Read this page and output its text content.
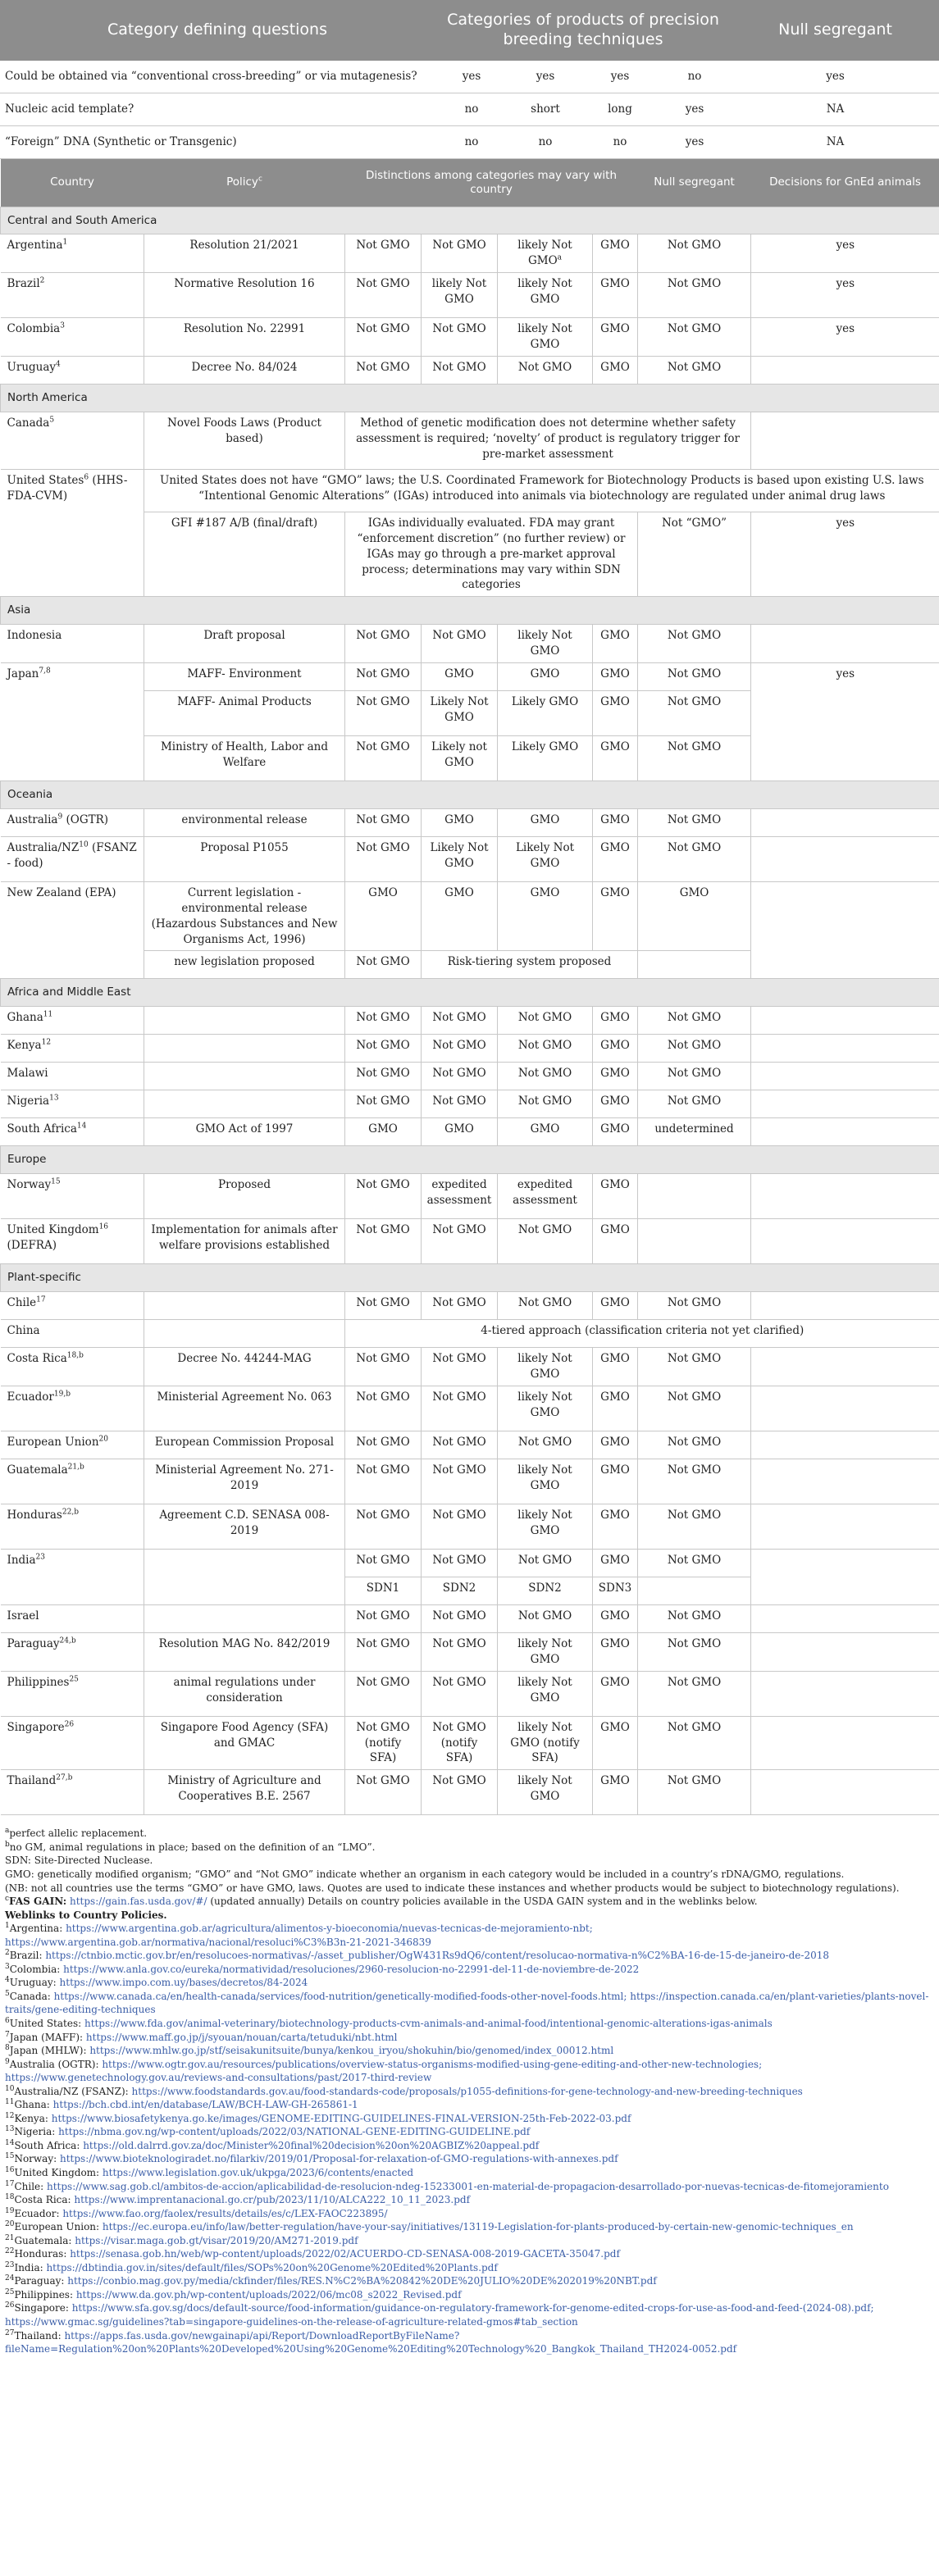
Category defining questions	Categories of products of precision breeding techniques				Null segregant
Could be obtained via “conventional cross-breeding” or via mutagenesis?	yes	yes	yes	no	yes
Nucleic acid template?	no	short	long	yes	NA
“Foreign” DNA (Synthetic or Transgenic)	no	no	no	yes	NA
Country	Policy$^c$	Distinctions among categories may vary with country				Null segregant	Decisions for GnEd animals
Central and South America							
Argentina$^1$	Resolution 21/2021	Not GMO	Not GMO	likely Not GMO$^a$	GMO	Not GMO	yes
Brazil$^2$	Normative Resolution 16	Not GMO	likely Not GMO	likely Not GMO	GMO	Not GMO	yes
Colombia$^3$	Resolution No. 22991	Not GMO	Not GMO	likely Not GMO	GMO	Not GMO	yes
Uruguay$^4$	Decree No. 84/024	Not GMO	Not GMO	Not GMO	GMO	Not GMO	
North America							
Canada$^5$	Novel Foods Laws (Product based)	Method of genetic modification does not determine whether safety assessment is required; ‘novelty’ of product is regulatory trigger for pre-market assessment					
United States$^6$ (HHS-FDA-CVM)	United States does not have “GMO” laws; the U.S. Coordinated Framework for Biotechnology Products is based upon existing U.S. laws “Intentional Genomic Alterations” (IGAs) introduced into animals via biotechnology are regulated under animal drug laws						
	GFI #187 A/B (final/draft)	IGAs individually evaluated. FDA may grant “enforcement discretion” (no further review) or IGAs may go through a pre-market approval process; determinations may vary within SDN categories				Not “GMO”	yes
Asia							
Indonesia	Draft proposal	Not GMO	Not GMO	likely Not GMO	GMO	Not GMO	
Japan$^{7,8}$	MAFF- Environment	Not GMO	GMO	GMO	GMO	Not GMO	yes
	MAFF- Animal Products	Not GMO	Likely Not GMO	Likely GMO	GMO	Not GMO	
	Ministry of Health, Labor and Welfare	Not GMO	Likely not GMO	Likely GMO	GMO	Not GMO	
Oceania							
Australia$^9$ (OGTR)	environmental release	Not GMO	GMO	GMO	GMO	Not GMO	
Australia/NZ$^{10}$ (FSANZ - food)	Proposal P1055	Not GMO	Likely Not GMO	Likely Not GMO	GMO	Not GMO	
New Zealand (EPA)	Current legislation -environmental release (Hazardous Substances and New Organisms Act, 1996)	GMO	GMO	GMO	GMO	GMO	
	new legislation proposed	Not GMO	Risk-tiering system proposed				
Africa and Middle East							
Ghana$^{11}$		Not GMO	Not GMO	Not GMO	GMO	Not GMO	
Kenya$^{12}$		Not GMO	Not GMO	Not GMO	GMO	Not GMO	
Malawi		Not GMO	Not GMO	Not GMO	GMO	Not GMO	
Nigeria$^{13}$		Not GMO	Not GMO	Not GMO	GMO	Not GMO	
South Africa$^{14}$	GMO Act of 1997	GMO	GMO	GMO	GMO	undetermined	
Europe							
Norway$^{15}$	Proposed	Not GMO	expedited assessment	expedited assessment	GMO		
United Kingdom$^{16}$ (DEFRA)	Implementation for animals after welfare provisions established	Not GMO	Not GMO	Not GMO	GMO		
Plant-specific							
Chile$^{17}$		Not GMO	Not GMO	Not GMO	GMO	Not GMO	
China		4-tiered approach (classification criteria not yet clarified)					
Costa Rica$^{18,b}$	Decree No. 44244-MAG	Not GMO	Not GMO	likely Not GMO	GMO	Not GMO	
Ecuador$^{19,b}$	Ministerial Agreement No. 063	Not GMO	Not GMO	likely Not GMO	GMO	Not GMO	
European Union$^{20}$	European Commission Proposal	Not GMO	Not GMO	Not GMO	GMO	Not GMO	
Guatemala$^{21,b}$	Ministerial Agreement No. 271-2019	Not GMO	Not GMO	likely Not GMO	GMO	Not GMO	
Honduras$^{22,b}$	Agreement C.D. SENASA 008-2019	Not GMO	Not GMO	likely Not GMO	GMO	Not GMO	
India$^{23}$		Not GMO	Not GMO	Not GMO	GMO	Not GMO	
		SDN1	SDN2	SDN2	SDN3		
Israel		Not GMO	Not GMO	Not GMO	GMO	Not GMO	
Paraguay$^{24,b}$	Resolution MAG No. 842/2019	Not GMO	Not GMO	likely Not GMO	GMO	Not GMO	
Philippines$^{25}$	animal regulations under consideration	Not GMO	Not GMO	likely Not GMO	GMO	Not GMO	
Singapore$^{26}$	Singapore Food Agency (SFA) and GMAC	Not GMO (notify SFA)	Not GMO (notify SFA)	likely Not GMO (notify SFA)	GMO	Not GMO	
Thailand$^{27,b}$	Ministry of Agriculture and Cooperatives B.E. 2567	Not GMO	Not GMO	likely Not GMO	GMO	Not GMO	
$^a$perfect allelic replacement.
$^b$no GM, animal regulations in place; based on the definition of an “LMO”.
SDN: Site-Directed Nuclease.
GMO: genetically modified organism; “GMO” and “Not GMO” indicate whether an organism in each category would be included in a country’s rDNA/GMO, regulations.
(NB: not all countries use the terms “GMO” or have GMO, laws. Quotes are used to indicate these instances and whether products would be subject to biotechnology regulations).
$^c$FAS GAIN: https://gain.fas.usda.gov/#/ (updated annually) Details on country policies available in the USDA GAIN system and in the weblinks below.
Weblinks to Country Policies.
$^1$Argentina: https://www.argentina.gob.ar/agricultura/alimentos-y-bioeconomia/nuevas-tecnicas-de-mejoramiento-nbt; https://www.argentina.gob.ar/normativa/nacional/resoluci%C3%B3n-21-2021-346839
$^2$Brazil: https://ctnbio.mctic.gov.br/en/resolucoes-normativas/-/asset_publisher/OgW431Rs9dQ6/content/resolucao-normativa-n%C2%BA-16-de-15-de-janeiro-de-2018
$^3$Colombia: https://www.anla.gov.co/eureka/normatividad/resoluciones/2960-resolucion-no-22991-del-11-de-noviembre-de-2022
$^4$Uruguay: https://www.impo.com.uy/bases/decretos/84-2024
$^5$Canada: https://www.canada.ca/en/health-canada/services/food-nutrition/genetically-modified-foods-other-novel-foods.html; https://inspection.canada.ca/en/plant-varieties/plants-novel-traits/gene-editing-techniques
$^6$United States: https://www.fda.gov/animal-veterinary/biotechnology-products-cvm-animals-and-animal-food/intentional-genomic-alterations-igas-animals
$^7$Japan (MAFF): https://www.maff.go.jp/j/syouan/nouan/carta/tetuduki/nbt.html
$^8$Japan (MHLW): https://www.mhlw.go.jp/stf/seisakunitsuite/bunya/kenkou_iryou/shokuhin/bio/genomed/index_00012.html
$^9$Australia (OGTR): https://www.ogtr.gov.au/resources/publications/overview-status-organisms-modified-using-gene-editing-and-other-new-technologies; https://www.genetechnology.gov.au/reviews-and-consultations/past/2017-third-review
$^{10}$Australia/NZ (FSANZ): https://www.foodstandards.gov.au/food-standards-code/proposals/p1055-definitions-for-gene-technology-and-new-breeding-techniques
$^{11}$Ghana: https://bch.cbd.int/en/database/LAW/BCH-LAW-GH-265861-1
$^{12}$Kenya: https://www.biosafetykenya.go.ke/images/GENOME-EDITING-GUIDELINES-FINAL-VERSION-25th-Feb-2022-03.pdf
$^{13}$Nigeria: https://nbma.gov.ng/wp-content/uploads/2022/03/NATIONAL-GENE-EDITING-GUIDELINE.pdf
$^{14}$South Africa: https://old.dalrrd.gov.za/doc/Minister%20final%20decision%20on%20AGBIZ%20appeal.pdf
$^{15}$Norway: https://www.bioteknologiradet.no/filarkiv/2019/01/Proposal-for-relaxation-of-GMO-regulations-with-annexes.pdf
$^{16}$United Kingdom: https://www.legislation.gov.uk/ukpga/2023/6/contents/enacted
$^{17}$Chile: https://www.sag.gob.cl/ambitos-de-accion/aplicabilidad-de-resolucion-ndeg-15233001-en-material-de-propagacion-desarrollado-por-nuevas-tecnicas-de-fitomejoramiento
$^{18}$Costa Rica: https://www.imprentanacional.go.cr/pub/2023/11/10/ALCA222_10_11_2023.pdf
$^{19}$Ecuador: https://www.fao.org/faolex/results/details/es/c/LEX-FAOC223895/
$^{20}$European Union: https://ec.europa.eu/info/law/better-regulation/have-your-say/initiatives/13119-Legislation-for-plants-produced-by-certain-new-genomic-techniques_en
$^{21}$Guatemala: https://visar.maga.gob.gt/visar/2019/20/AM271-2019.pdf
$^{22}$Honduras: https://senasa.gob.hn/web/wp-content/uploads/2022/02/ACUERDO-CD-SENASA-008-2019-GACETA-35047.pdf
$^{23}$India: https://dbtindia.gov.in/sites/default/files/SOPs%20on%20Genome%20Edited%20Plants.pdf
$^{24}$Paraguay: https://conbio.mag.gov.py/media/ckfinder/files/RES.N%C2%BA%20842%20DE%20JULIO%20DE%202019%20NBT.pdf
$^{25}$Philippines: https://www.da.gov.ph/wp-content/uploads/2022/06/mc08_s2022_Revised.pdf
$^{26}$Singapore: https://www.sfa.gov.sg/docs/default-source/food-information/guidance-on-regulatory-framework-for-genome-edited-crops-for-use-as-food-and-feed-(2024-08).pdf; https://www.gmac.sg/guidelines?tab=singapore-guidelines-on-the-release-of-agriculture-related-gmos#tab_section
$^{27}$Thailand: https://apps.fas.usda.gov/newgainapi/api/Report/DownloadReportByFileName?fileName=Regulation%20on%20Plants%20Developed%20Using%20Genome%20Editing%20Technology%20_Bangkok_Thailand_TH2024-0052.pdf
